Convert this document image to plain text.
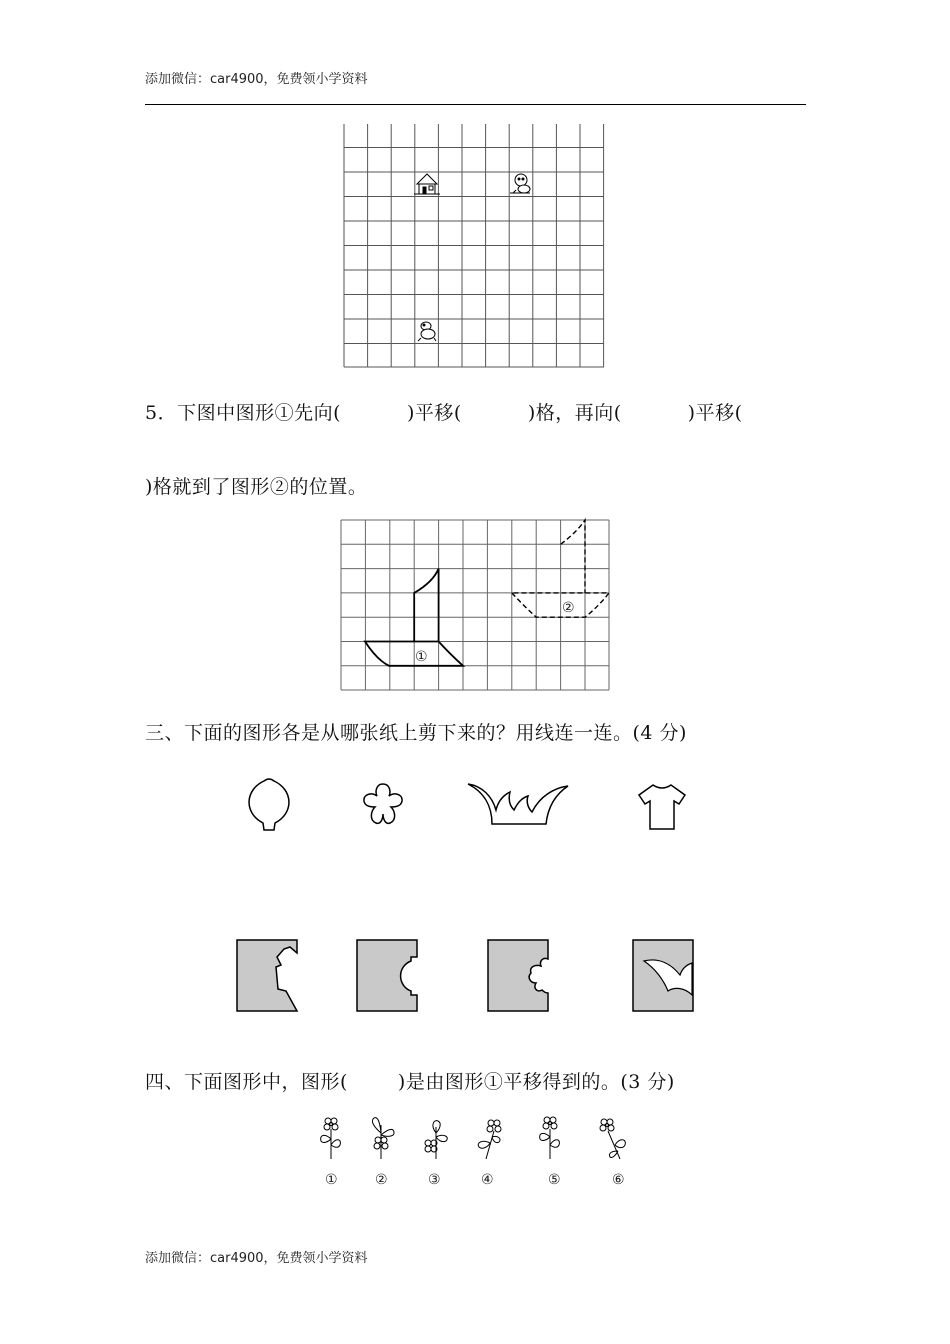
添加微信：car4900，免费领小学资料
5．下图中图形①先向(	)平移(	)格，再向(	)平移(
)格就到了图形②的位置。
①
②
三、下面的图形各是从哪张纸上剪下来的？用线连一连。(4 分)
四、下面图形中，图形(	)是由图形①平移得到的。(3 分)
①	②	③	④	⑤	⑥
添加微信：car4900，免费领小学资料
